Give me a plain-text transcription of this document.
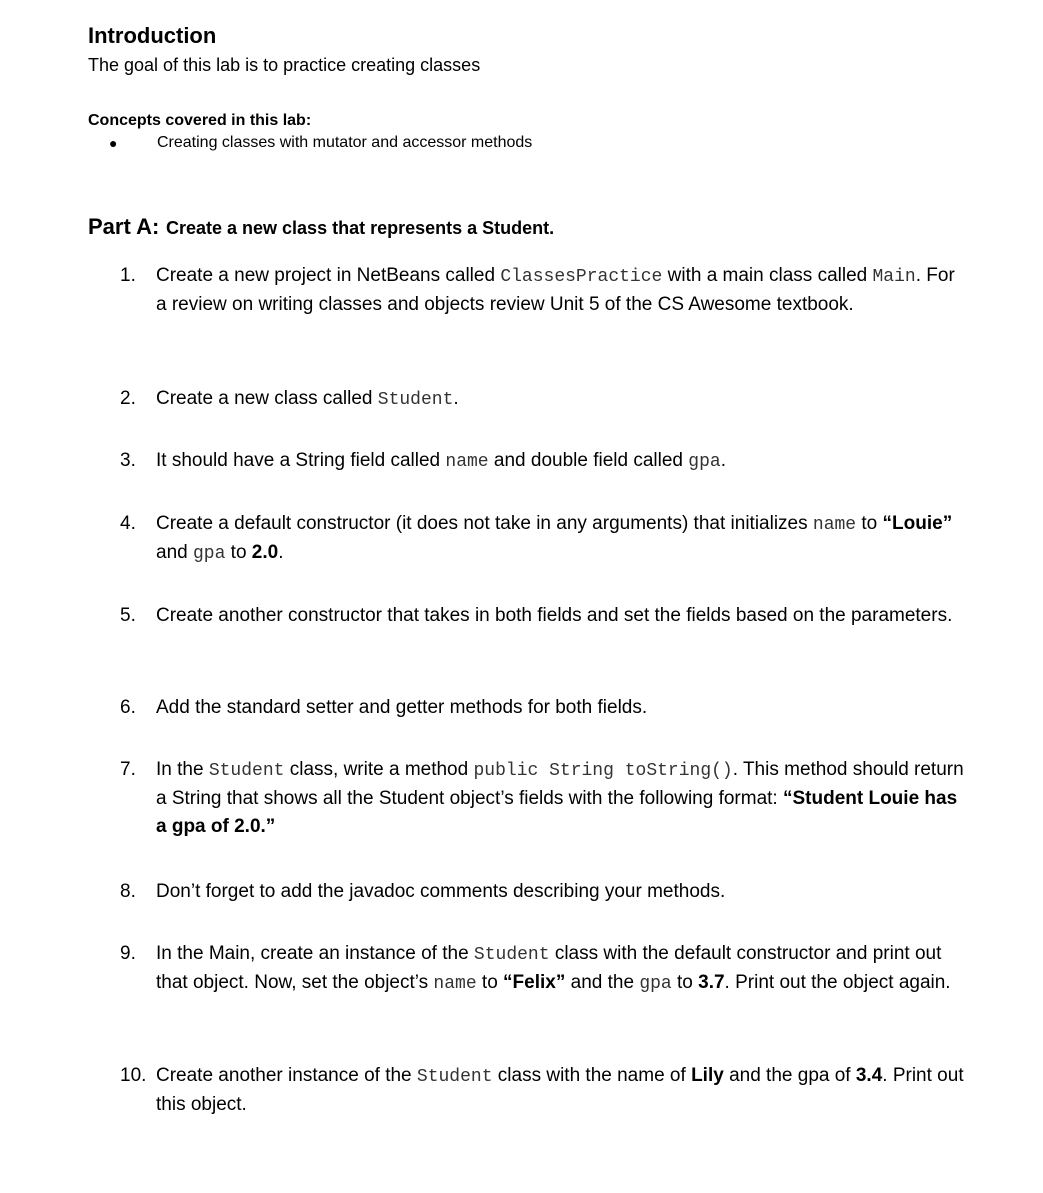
Introduction

The goal of this lab is to practice creating classes

Concepts covered in this lab:

● Creating classes with mutator and accessor methods
Part A: Create a new class that represents a Student.
1.	Create a new project in NetBeans called ClassesPractice with a main class called Main. For a review on writing classes and objects review Unit 5 of the CS Awesome textbook.
2.	Create a new class called Student.
3.	It should have a String field called name and double field called gpa.
4.	Create a default constructor (it does not take in any arguments) that initializes name to “Louie” and gpa to 2.0.
5.	Create another constructor that takes in both fields and set the fields based on the parameters.
6.	Add the standard setter and getter methods for both fields.
7.	In the Student class, write a method public String toString(). This method should return a String that shows all the Student object’s fields with the following format: “Student Louie has a gpa of 2.0.”
8.	Don’t forget to add the javadoc comments describing your methods.
9.	In the Main, create an instance of the Student class with the default constructor and print out that object. Now, set the object’s name to “Felix” and the gpa to 3.7. Print out the object again.
10. Create another instance of the Student class with the name of Lily and the gpa of 3.4. Print out this object.
